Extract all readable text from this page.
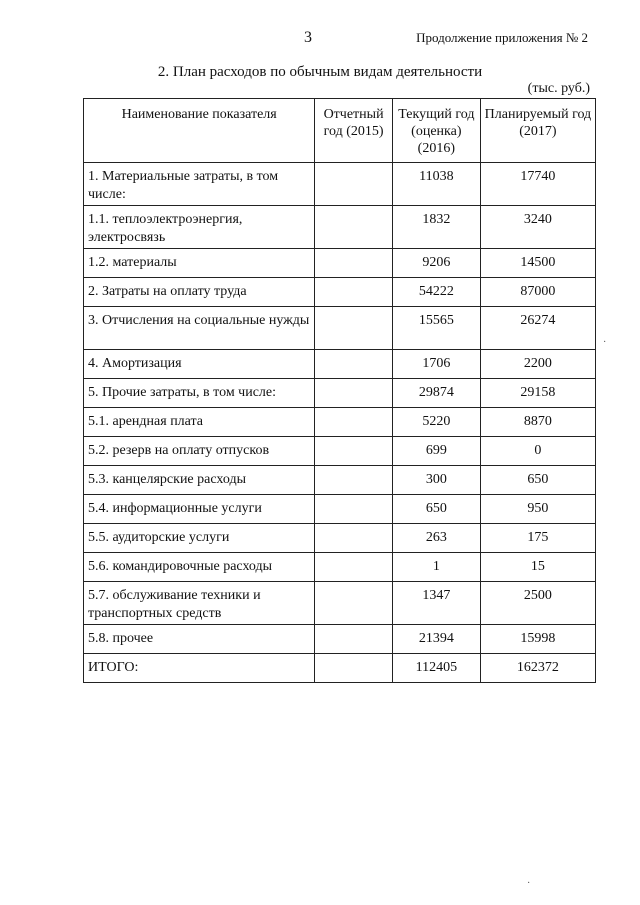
3	Продолжение приложения № 2
2. План расходов по обычным видам деятельности
(тыс. руб.)
Наименование показателя	Отчетный год (2015)	Текущий год (оценка) (2016)	Планируемый год (2017)
1. Материальные затраты, в том числе:		11038	17740
1.1. теплоэлектроэнергия, электросвязь		1832	3240
1.2. материалы		9206	14500
2. Затраты на оплату труда		54222	87000
3. Отчисления на социальные нужды		15565	26274
4. Амортизация		1706	2200
5. Прочие затраты, в том числе:		29874	29158
5.1. арендная плата		5220	8870
5.2. резерв на оплату отпусков		699	0
5.3. канцелярские расходы		300	650
5.4. информационные услуги		650	950
5.5. аудиторские услуги		263	175
5.6. командировочные расходы		1	15
5.7. обслуживание техники и транспортных средств		1347	2500
5.8. прочее		21394	15998
ИТОГО:		112405	162372
·
·
